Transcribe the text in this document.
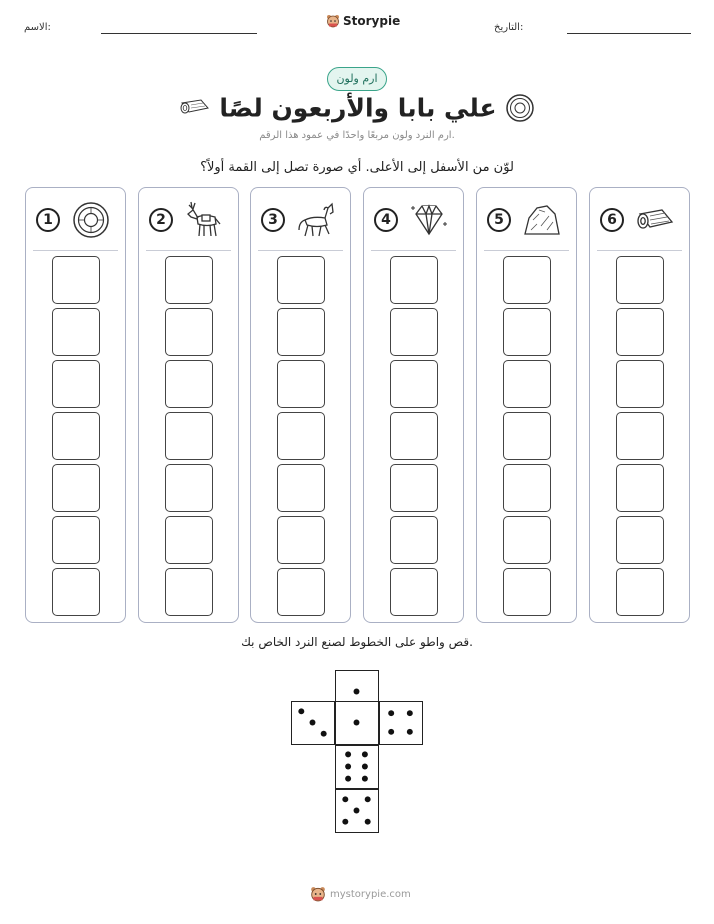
التاريخ:
الاسم:	Storypie
ارم ولون
علي بابا والأربعون لصًا
ارم النرد ولون مربعًا واحدًا في عمود هذا الرقم.
لوّن من الأسفل إلى الأعلى. أي صورة تصل إلى القمة أولاً؟
1	2	3	4	5	6
قص واطو على الخطوط لصنع النرد الخاص بك.
mystorypie.com
